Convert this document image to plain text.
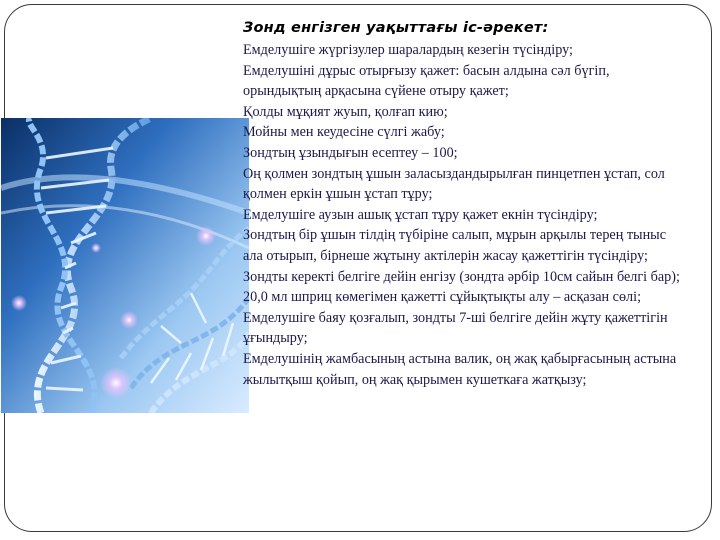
Зонд енгізген уақыттағы іс-әрекет:

Емделушіге жүргізулер шаралардың кезегін түсіндіру;

Емделушіні дұрыс отырғызу қажет: басын алдына сәл бүгіп, орындықтың арқасына сүйене отыру қажет;

Қолды мұқият жуып, қолғап кию;

Мойны мен кеудесіне сүлгі жабу;

Зондтың ұзындығын есептеу – 100;

Оң қолмен зондтың ұшын заласыздандырылған пинцетпен ұстап, сол қолмен еркін ұшын ұстап тұру;

Емделушіге аузын ашық ұстап тұру қажет екнін түсіндіру;

Зондтың бір ұшын тілдің түбіріне салып, мұрын арқылы терең тыныс ала отырып, бірнеше жұтыну актілерін жасау қажеттігін түсіндіру;

Зондты керекті белгіге дейін енгізу (зондта әрбір 10см сайын белгі бар);

20,0 мл шприц көмегімен қажетті сұйықтықты алу – асқазан сөлі;

Емделушіге баяу қозғалып, зондты 7-ші белгіге дейін жұту қажеттігін ұғындыру;

Емделушінің жамбасының астына валик, оң жақ қабырғасының астына жылытқыш қойып, оң жақ қырымен кушеткаға жатқызу;
